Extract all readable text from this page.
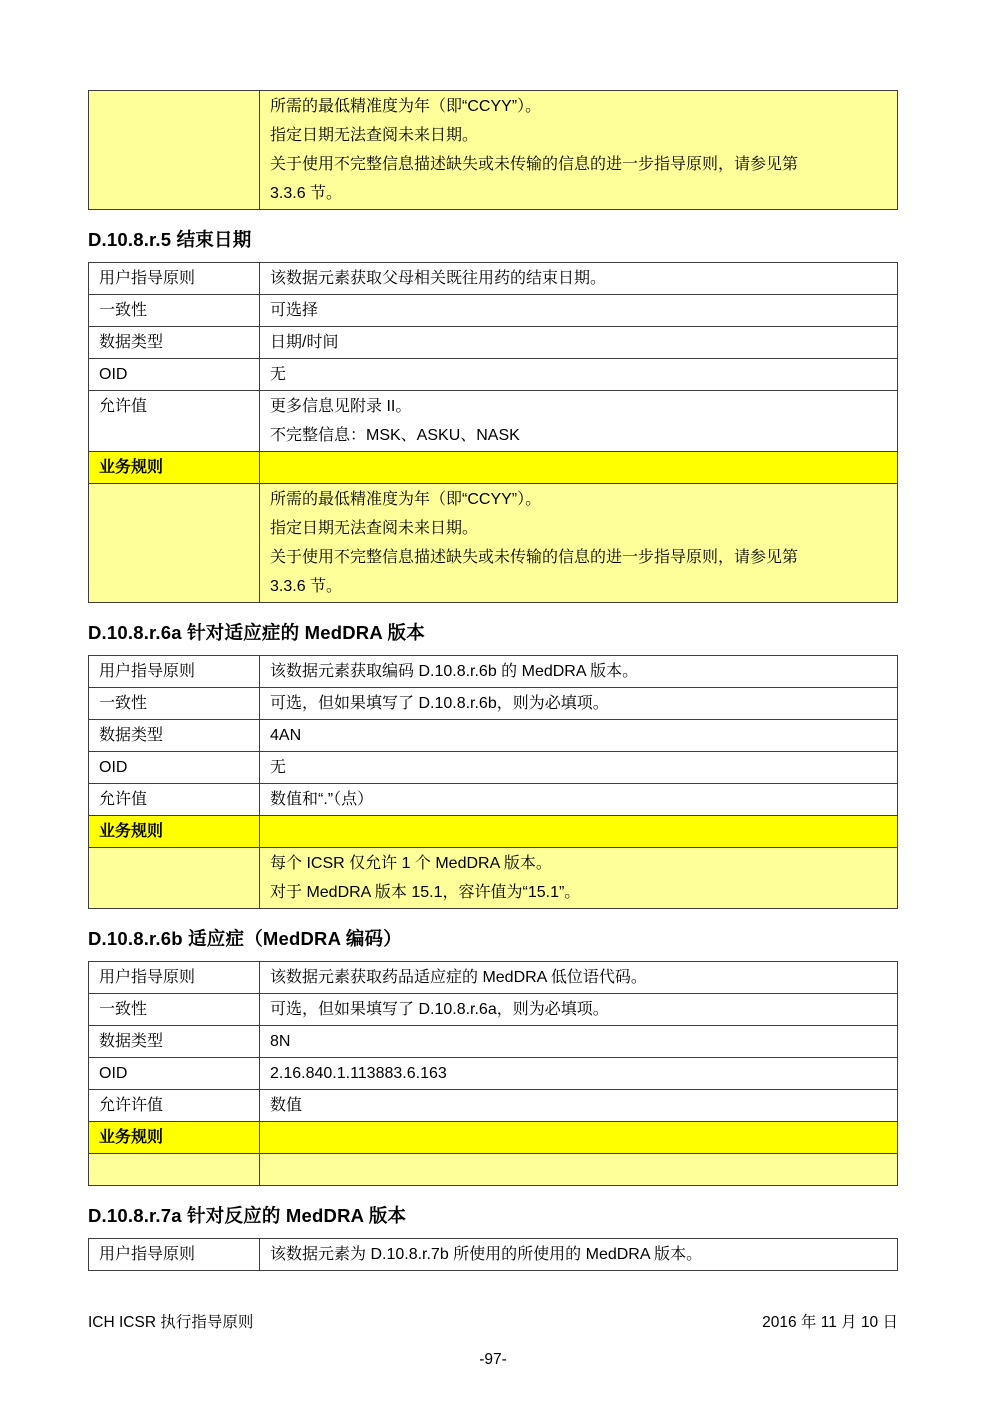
所需的最低精准度为年（即“CCYY”）。
指定日期无法查阅未来日期。
关于使用不完整信息描述缺失或未传输的信息的进一步指导原则，请参见第
3.3.6 节。
D.10.8.r.5 结束日期
用户指导原则	该数据元素获取父母相关既往用药的结束日期。

一致性	可选择

数据类型	日期/时间

OID	无

允许值	更多信息见附录 II。
不完整信息：MSK、ASKU、NASK

业务规则	

	所需的最低精准度为年（即“CCYY”）。
指定日期无法查阅未来日期。
关于使用不完整信息描述缺失或未传输的信息的进一步指导原则，请参见第
3.3.6 节。
D.10.8.r.6a 针对适应症的 MedDRA 版本
用户指导原则	该数据元素获取编码 D.10.8.r.6b 的 MedDRA 版本。

一致性	可选，但如果填写了 D.10.8.r.6b，则为必填项。

数据类型	4AN

OID	无

允许值	数值和“.”（点）

业务规则	

	每个 ICSR 仅允许 1 个 MedDRA 版本。
对于 MedDRA 版本 15.1，容许值为“15.1”。
D.10.8.r.6b 适应症（MedDRA 编码）
用户指导原则	该数据元素获取药品适应症的 MedDRA 低位语代码。

一致性	可选，但如果填写了 D.10.8.r.6a，则为必填项。

数据类型	8N

OID	2.16.840.1.113883.6.163

允许许值	数值

业务规则	

D.10.8.r.7a 针对反应的 MedDRA 版本
用户指导原则	该数据元素为 D.10.8.r.7b 所使用的所使用的 MedDRA 版本。
ICH ICSR 执行指导原则	2016 年 11 月 10 日
-97-
